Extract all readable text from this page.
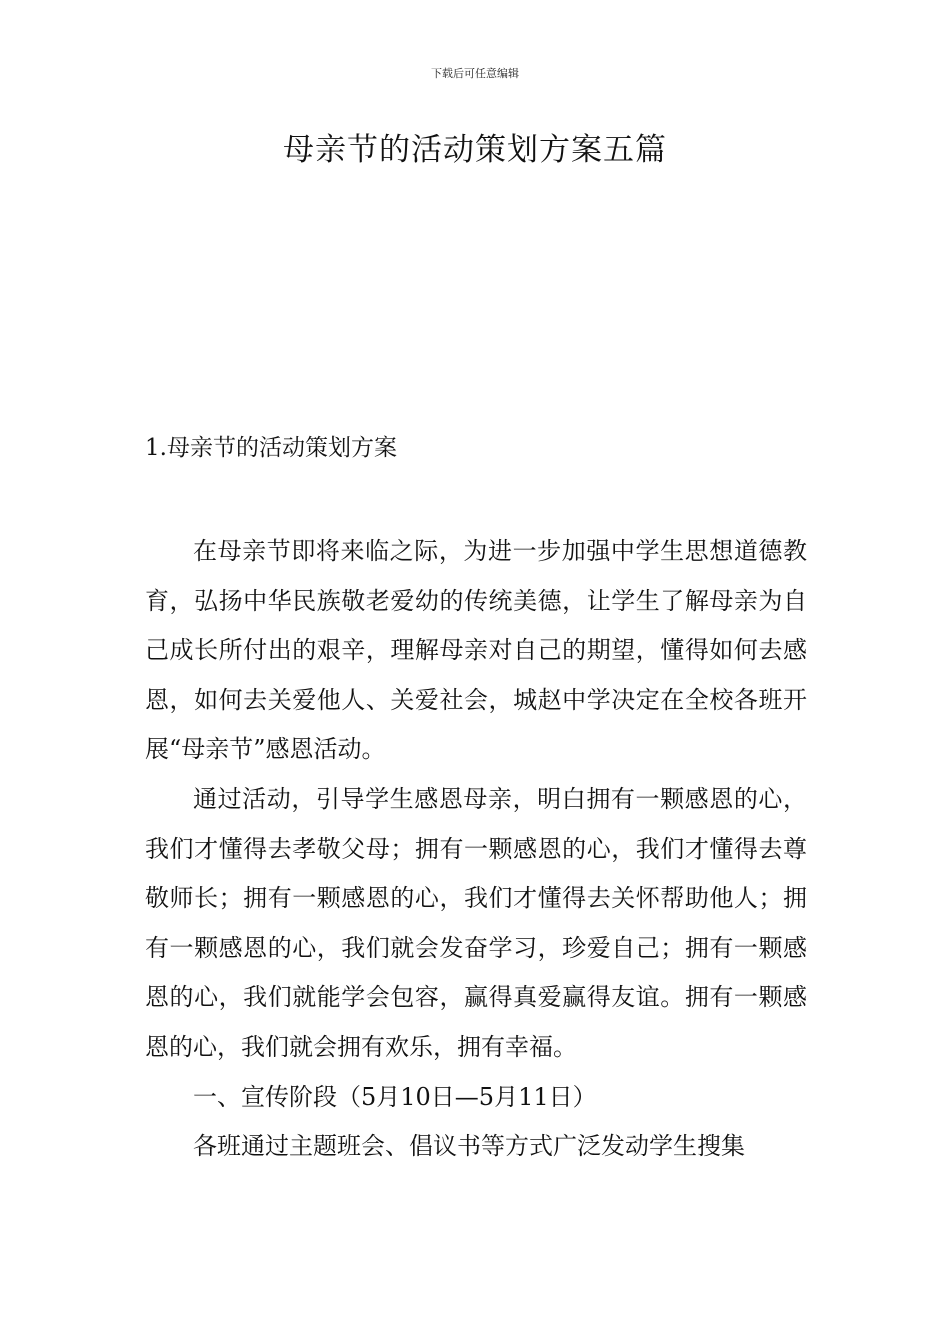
下载后可任意编辑
母亲节的活动策划方案五篇
1.母亲节的活动策划方案

在母亲节即将来临之际，为进一步加强中学生思想道德教育，弘扬中华民族敬老爱幼的传统美德，让学生了解母亲为自己成长所付出的艰辛，理解母亲对自己的期望，懂得如何去感恩，如何去关爱他人、关爱社会，城赵中学决定在全校各班开展“母亲节”感恩活动。

通过活动，引导学生感恩母亲，明白拥有一颗感恩的心，我们才懂得去孝敬父母；拥有一颗感恩的心，我们才懂得去尊敬师长；拥有一颗感恩的心，我们才懂得去关怀帮助他人；拥有一颗感恩的心，我们就会发奋学习，珍爱自己；拥有一颗感恩的心，我们就能学会包容，赢得真爱赢得友谊。拥有一颗感恩的心，我们就会拥有欢乐，拥有幸福。

一、宣传阶段（5月10日—5月11日）

各班通过主题班会、倡议书等方式广泛发动学生搜集
